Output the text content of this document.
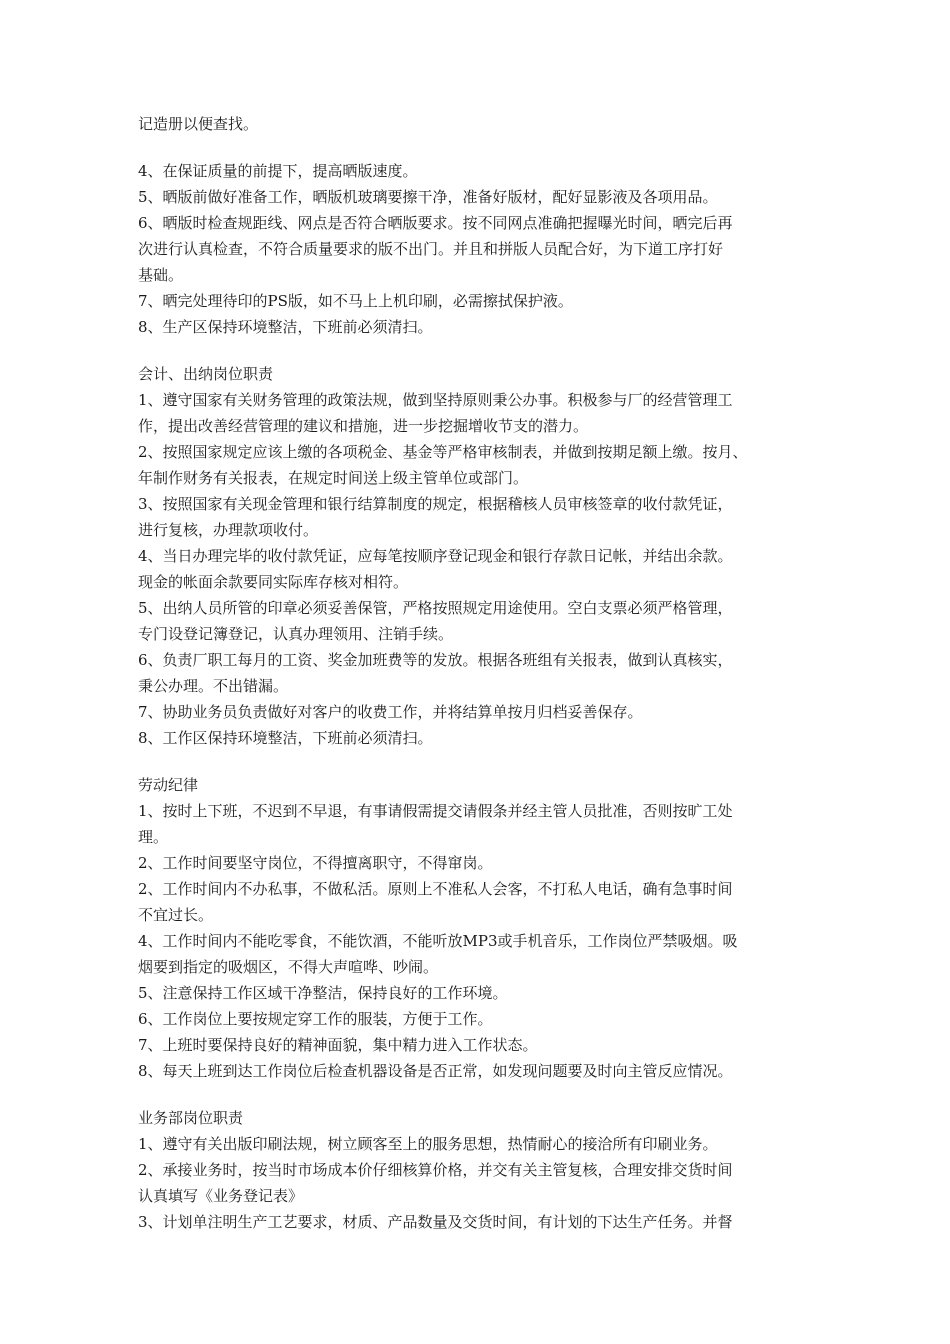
记造册以便查找。
4、在保证质量的前提下，提高晒版速度。
5、晒版前做好准备工作，晒版机玻璃要擦干净，准备好版材，配好显影液及各项用品。
6、晒版时检查规距线、网点是否符合晒版要求。按不同网点准确把握曝光时间，晒完后再
次进行认真检查，不符合质量要求的版不出门。并且和拼版人员配合好，为下道工序打好
基础。
7、晒完处理待印的PS版，如不马上上机印刷，必需擦拭保护液。
8、生产区保持环境整洁，下班前必须清扫。
会计、出纳岗位职责
1、遵守国家有关财务管理的政策法规，做到坚持原则秉公办事。积极参与厂的经营管理工
作，提出改善经营管理的建议和措施，进一步挖掘增收节支的潜力。
2、按照国家规定应该上缴的各项税金、基金等严格审核制表，并做到按期足额上缴。按月、
年制作财务有关报表，在规定时间送上级主管单位或部门。
3、按照国家有关现金管理和银行结算制度的规定，根据稽核人员审核签章的收付款凭证，
进行复核，办理款项收付。
4、当日办理完毕的收付款凭证，应每笔按顺序登记现金和银行存款日记帐，并结出余款。
现金的帐面余款要同实际库存核对相符。
5、出纳人员所管的印章必须妥善保管，严格按照规定用途使用。空白支票必须严格管理，
专门设登记簿登记，认真办理领用、注销手续。
6、负责厂职工每月的工资、奖金加班费等的发放。根据各班组有关报表，做到认真核实，
秉公办理。不出错漏。
7、协助业务员负责做好对客户的收费工作，并将结算单按月归档妥善保存。
8、工作区保持环境整洁，下班前必须清扫。
劳动纪律
1、按时上下班，不迟到不早退，有事请假需提交请假条并经主管人员批准，否则按旷工处
理。
2、工作时间要坚守岗位，不得擅离职守，不得窜岗。
2、工作时间内不办私事，不做私活。原则上不准私人会客，不打私人电话，确有急事时间
不宜过长。
4、工作时间内不能吃零食，不能饮酒，不能听放MP3或手机音乐，工作岗位严禁吸烟。吸
烟要到指定的吸烟区，不得大声喧哗、吵闹。
5、注意保持工作区域干净整洁，保持良好的工作环境。
6、工作岗位上要按规定穿工作的服装，方便于工作。
7、上班时要保持良好的精神面貌，集中精力进入工作状态。
8、每天上班到达工作岗位后检查机器设备是否正常，如发现问题要及时向主管反应情况。
业务部岗位职责
1、遵守有关出版印刷法规，树立顾客至上的服务思想，热情耐心的接洽所有印刷业务。
2、承接业务时，按当时市场成本价仔细核算价格，并交有关主管复核，合理安排交货时间
认真填写《业务登记表》
3、计划单注明生产工艺要求，材质、产品数量及交货时间，有计划的下达生产任务。并督
